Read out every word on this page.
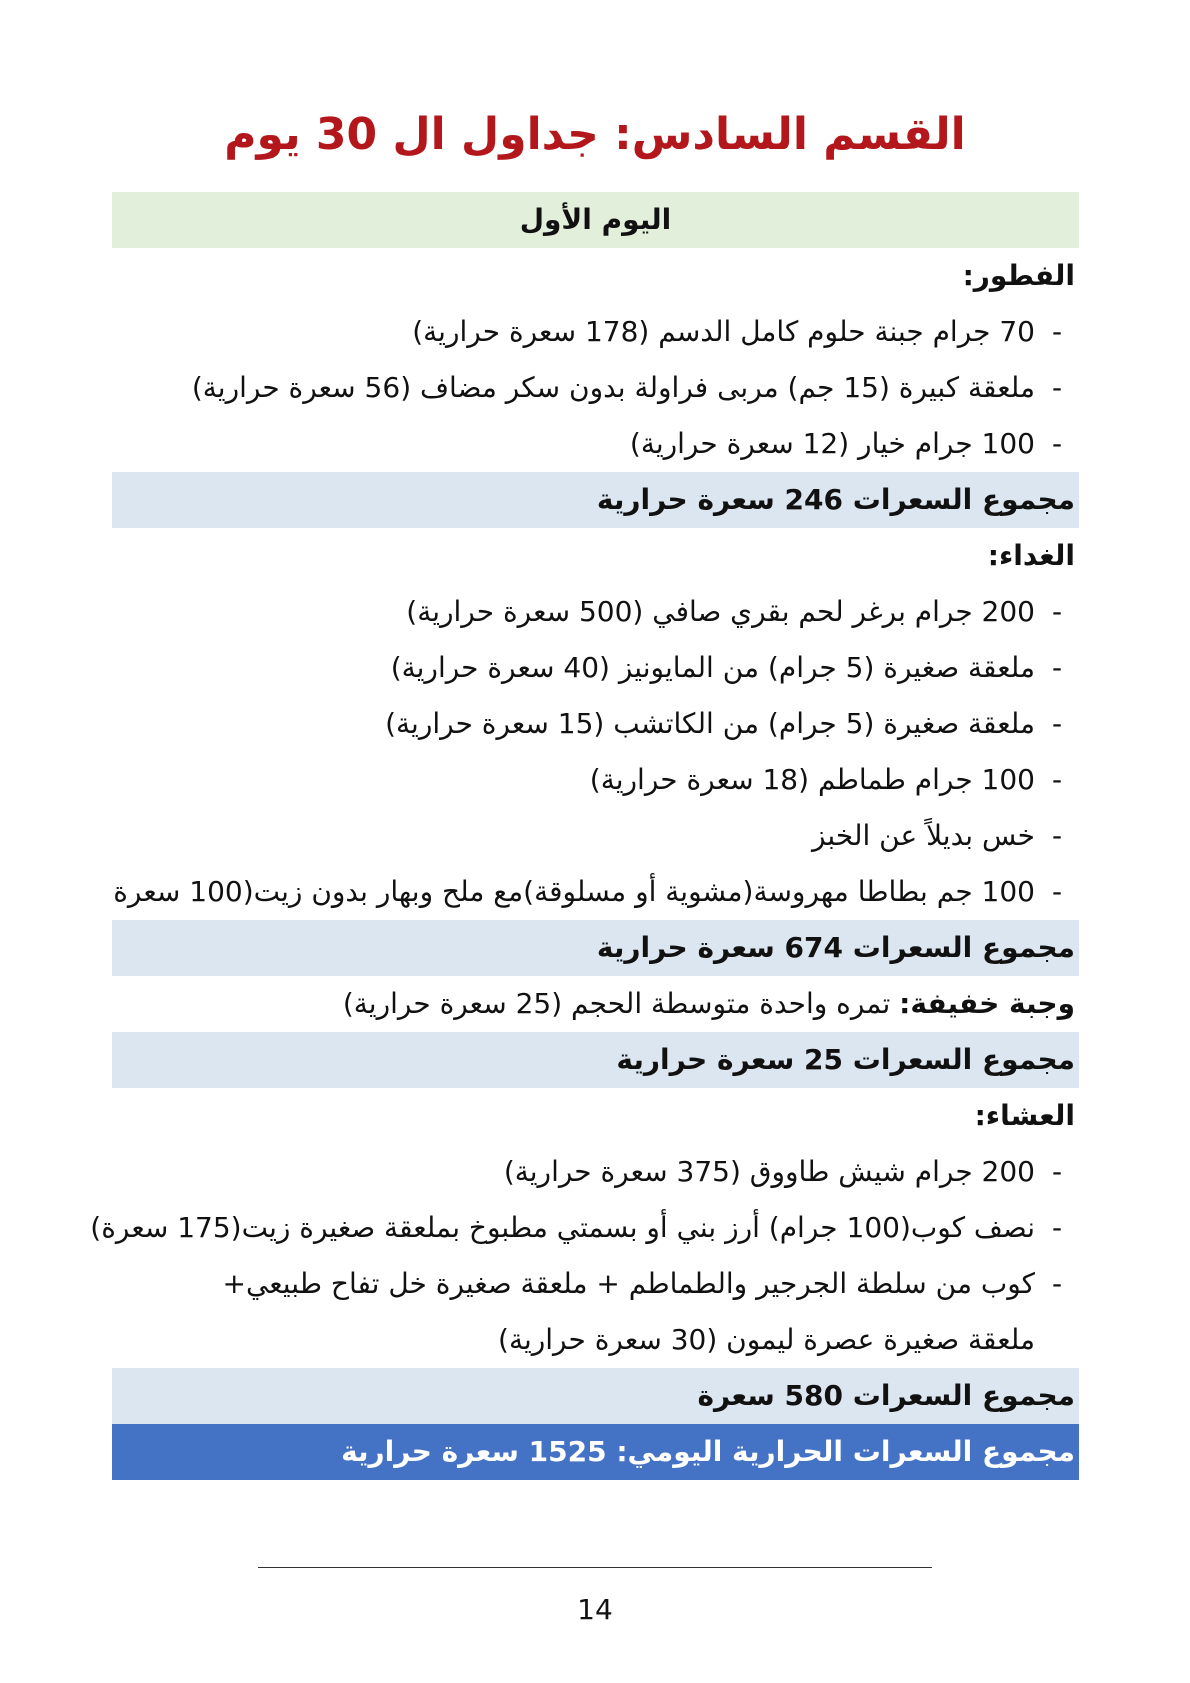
القسم السادس: جداول ال 30 يوم
اليوم الأول
الفطور:
-70 جرام جبنة حلوم كامل الدسم (178 سعرة حرارية)
-ملعقة كبيرة (15 جم) مربى فراولة بدون سكر مضاف (56 سعرة حرارية)
-100 جرام خيار (12 سعرة حرارية)
مجموع السعرات 246 سعرة حرارية
الغداء:
-200 جرام برغر لحم بقري صافي (500 سعرة حرارية)
-ملعقة صغيرة (5 جرام) من المايونيز (40 سعرة حرارية)
-ملعقة صغيرة (5 جرام) من الكاتشب (15 سعرة حرارية)
-100 جرام طماطم (18 سعرة حرارية)
-خس بديلاً عن الخبز
-100 جم بطاطا مهروسة(مشوية أو مسلوقة)مع ملح وبهار بدون زيت(100 سعرة
مجموع السعرات 674 سعرة حرارية
وجبة خفيفة: تمره واحدة متوسطة الحجم (25 سعرة حرارية)
مجموع السعرات 25 سعرة حرارية
العشاء:
-200 جرام شيش طاووق (375 سعرة حرارية)
-نصف كوب(100 جرام) أرز بني أو بسمتي مطبوخ بملعقة صغيرة زيت(175 سعرة)
-كوب من سلطة الجرجير والطماطم + ملعقة صغيرة خل تفاح طبيعي+
ملعقة صغيرة عصرة ليمون (30 سعرة حرارية)
مجموع السعرات 580 سعرة
مجموع السعرات الحرارية اليومي: 1525 سعرة حرارية
14
